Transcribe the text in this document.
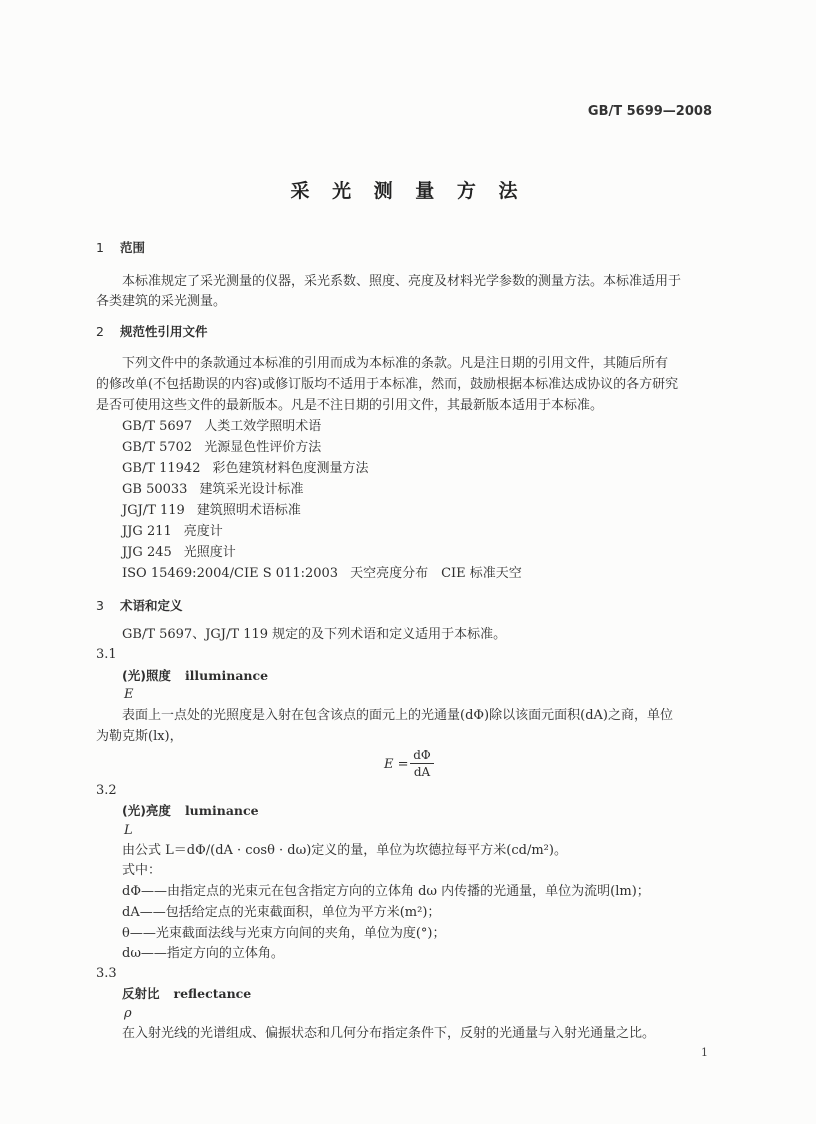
GB/T 5699—2008
采 光 测 量 方 法
1 范围
本标准规定了采光测量的仪器，采光系数、照度、亮度及材料光学参数的测量方法。本标准适用于
各类建筑的采光测量。
2 规范性引用文件
下列文件中的条款通过本标准的引用而成为本标准的条款。凡是注日期的引用文件，其随后所有
的修改单(不包括勘误的内容)或修订版均不适用于本标准，然而，鼓励根据本标准达成协议的各方研究
是否可使用这些文件的最新版本。凡是不注日期的引用文件，其最新版本适用于本标准。
GB/T 5697 人类工效学照明术语
GB/T 5702 光源显色性评价方法
GB/T 11942 彩色建筑材料色度测量方法
GB 50033 建筑采光设计标准
JGJ/T 119 建筑照明术语标准
JJG 211 亮度计
JJG 245 光照度计
ISO 15469:2004/CIE S 011:2003 天空亮度分布　CIE 标准天空
3 术语和定义
GB/T 5697、JGJ/T 119 规定的及下列术语和定义适用于本标准。
3.1
(光)照度 illuminance
E
表面上一点处的光照度是入射在包含该点的面元上的光通量(dΦ)除以该面元面积(dA)之商，单位
为勒克斯(lx)，
E =
dΦ
dA
3.2
(光)亮度 luminance
L
由公式 L＝dΦ/(dA · cosθ · dω)定义的量，单位为坎德拉每平方米(cd/m²)。
式中：
dΦ——由指定点的光束元在包含指定方向的立体角 dω 内传播的光通量，单位为流明(lm)；
dA——包括给定点的光束截面积，单位为平方米(m²)；
θ——光束截面法线与光束方向间的夹角，单位为度(°)；
dω——指定方向的立体角。
3.3
反射比 reflectance
ρ
在入射光线的光谱组成、偏振状态和几何分布指定条件下，反射的光通量与入射光通量之比。
1
